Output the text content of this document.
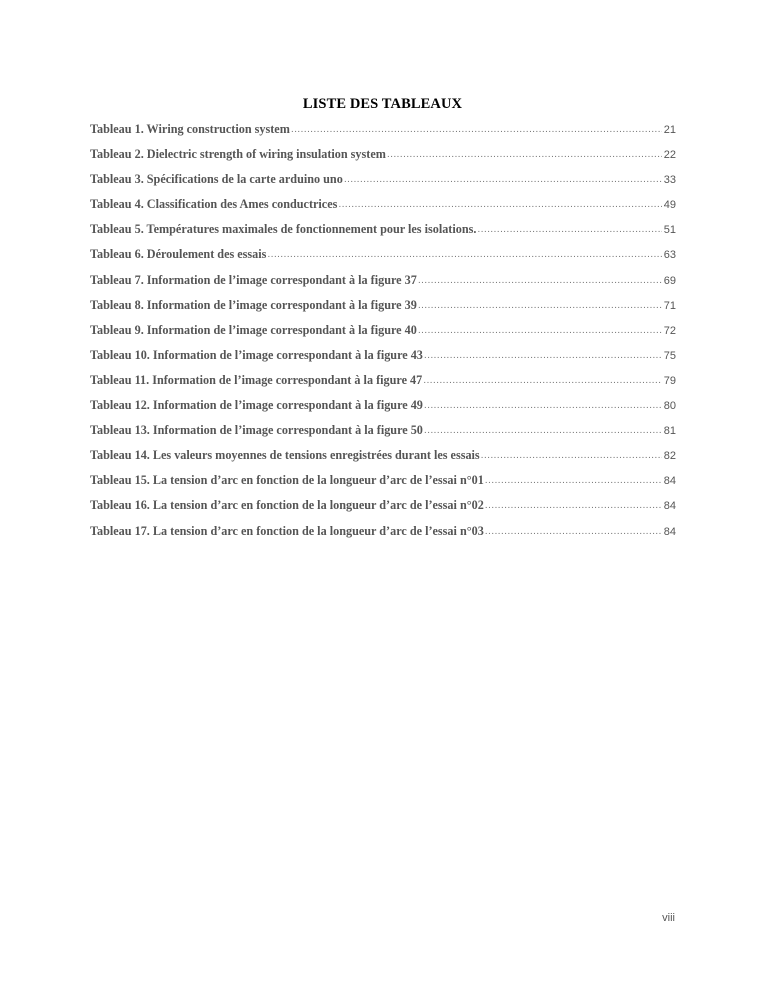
LISTE DES TABLEAUX
Tableau 1. Wiring construction system .....	21
Tableau 2. Dielectric strength of wiring insulation system .....	22
Tableau 3. Spécifications de la carte arduino uno .....	33
Tableau 4. Classification des Ames conductrices .....	49
Tableau 5. Températures maximales de fonctionnement pour les isolations. .....	51
Tableau 6. Déroulement des essais .....	63
Tableau 7. Information de l’image correspondant à la figure 37 .....	69
Tableau 8. Information de l’image correspondant à la figure 39 .....	71
Tableau 9. Information de l’image correspondant à la figure 40 .....	72
Tableau 10. Information de l’image correspondant à la figure 43 .....	75
Tableau 11. Information de l’image correspondant à la figure 47 .....	79
Tableau 12. Information de l’image correspondant à la figure 49 .....	80
Tableau 13. Information de l’image correspondant à la figure 50 .....	81
Tableau 14. Les valeurs moyennes de tensions enregistrées durant les essais .....	82
Tableau 15. La tension d’arc en fonction de la longueur d’arc de l’essai n°01 .....	84
Tableau 16. La tension d’arc en fonction de la longueur d’arc de l’essai n°02 .....	84
Tableau 17. La tension d’arc en fonction de la longueur d’arc de l’essai n°03 .....	84
viii
